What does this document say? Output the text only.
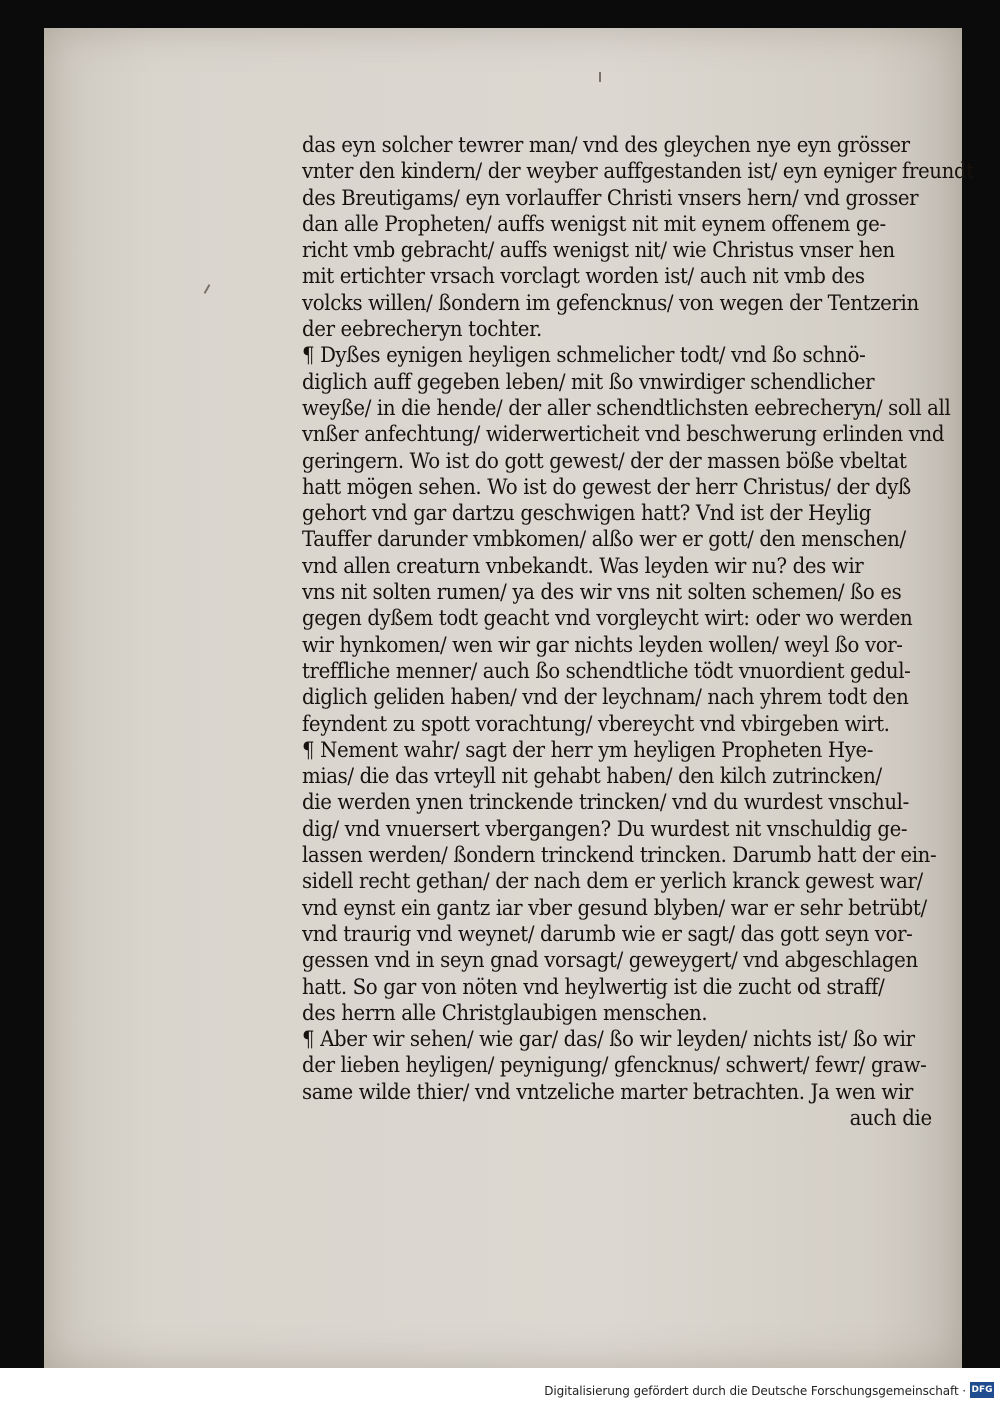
das eyn solcher tewrer man/ vnd des gleychen nye eyn grösser
vnter den kindern/ der weyber auffgestanden ist/ eyn eyniger freundt
des Breutigams/ eyn vorlauffer Christi vnsers hern/ vnd grosser
dan alle Propheten/ auffs wenigst nit mit eynem offenem ge-
richt vmb gebracht/ auffs wenigst nit/ wie Christus vnser hen
mit ertichter vrsach vorclagt worden ist/ auch nit vmb des
volcks willen/ ßondern im gefencknus/ von wegen der Tentzerin
der eebrecheryn tochter.
¶ Dyßes eynigen heyligen schmelicher todt/ vnd ßo schnö-
diglich auff gegeben leben/ mit ßo vnwirdiger schendlicher
weyße/ in die hende/ der aller schendtlichsten eebrecheryn/ soll all
vnßer anfechtung/ widerwerticheit vnd beschwerung erlinden vnd
geringern. Wo ist do gott gewest/ der der massen böße vbeltat
hatt mögen sehen. Wo ist do gewest der herr Christus/ der dyß
gehort vnd gar dartzu geschwigen hatt? Vnd ist der Heylig
Tauffer darunder vmbkomen/ alßo wer er gott/ den menschen/
vnd allen creaturn vnbekandt. Was leyden wir nu? des wir
vns nit solten rumen/ ya des wir vns nit solten schemen/ ßo es
gegen dyßem todt geacht vnd vorgleycht wirt: oder wo werden
wir hynkomen/ wen wir gar nichts leyden wollen/ weyl ßo vor-
treffliche menner/ auch ßo schendtliche tödt vnuordient gedul-
diglich geliden haben/ vnd der leychnam/ nach yhrem todt den
feyndent zu spott vorachtung/ vbereycht vnd vbirgeben wirt.
¶ Nement wahr/ sagt der herr ym heyligen Propheten Hye-
mias/ die das vrteyll nit gehabt haben/ den kilch zutrincken/
die werden ynen trinckende trincken/ vnd du wurdest vnschul-
dig/ vnd vnuersert vbergangen? Du wurdest nit vnschuldig ge-
lassen werden/ ßondern trinckend trincken. Darumb hatt der ein-
sidell recht gethan/ der nach dem er yerlich kranck gewest war/
vnd eynst ein gantz iar vber gesund blyben/ war er sehr betrübt/
vnd traurig vnd weynet/ darumb wie er sagt/ das gott seyn vor-
gessen vnd in seyn gnad vorsagt/ geweygert/ vnd abgeschlagen
hatt. So gar von nöten vnd heylwertig ist die zucht od straff/
des herrn alle Christglaubigen menschen.
¶ Aber wir sehen/ wie gar/ das/ ßo wir leyden/ nichts ist/ ßo wir
der lieben heyligen/ peynigung/ gfencknus/ schwert/ fewr/ graw-
same wilde thier/ vnd vntzeliche marter betrachten. Ja wen wir
auch die
Digitalisierung gefördert durch die Deutsche Forschungsgemeinschaft · DFG
